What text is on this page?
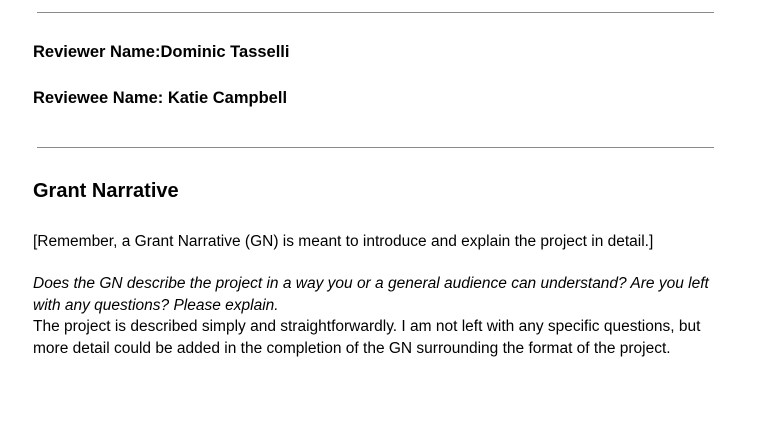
Reviewer Name:Dominic Tasselli
Reviewee Name: Katie Campbell
Grant Narrative
[Remember, a Grant Narrative (GN) is meant to introduce and explain the project in detail.]
Does the GN describe the project in a way you or a general audience can understand? Are you left with any questions? Please explain.
The project is described simply and straightforwardly. I am not left with any specific questions, but more detail could be added in the completion of the GN surrounding the format of the project.
